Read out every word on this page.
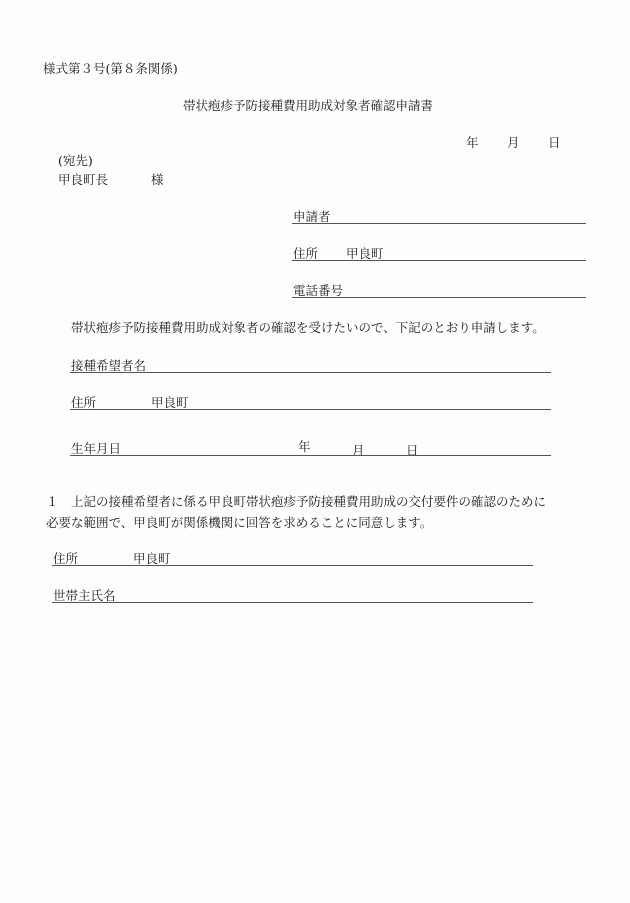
様式第３号(第８条関係)
帯状疱疹予防接種費用助成対象者確認申請書
年 月 日
(宛先)
甲良町長	様
申請者
住所 甲良町
電話番号
帯状疱疹予防接種費用助成対象者の確認を受けたいので、下記のとおり申請します。
接種希望者名
住所	甲良町
生年月日	年	月	日
１　上記の接種希望者に係る甲良町帯状疱疹予防接種費用助成の交付要件の確認のために
必要な範囲で、甲良町が関係機関に回答を求めることに同意します。
住所	甲良町
世帯主氏名
